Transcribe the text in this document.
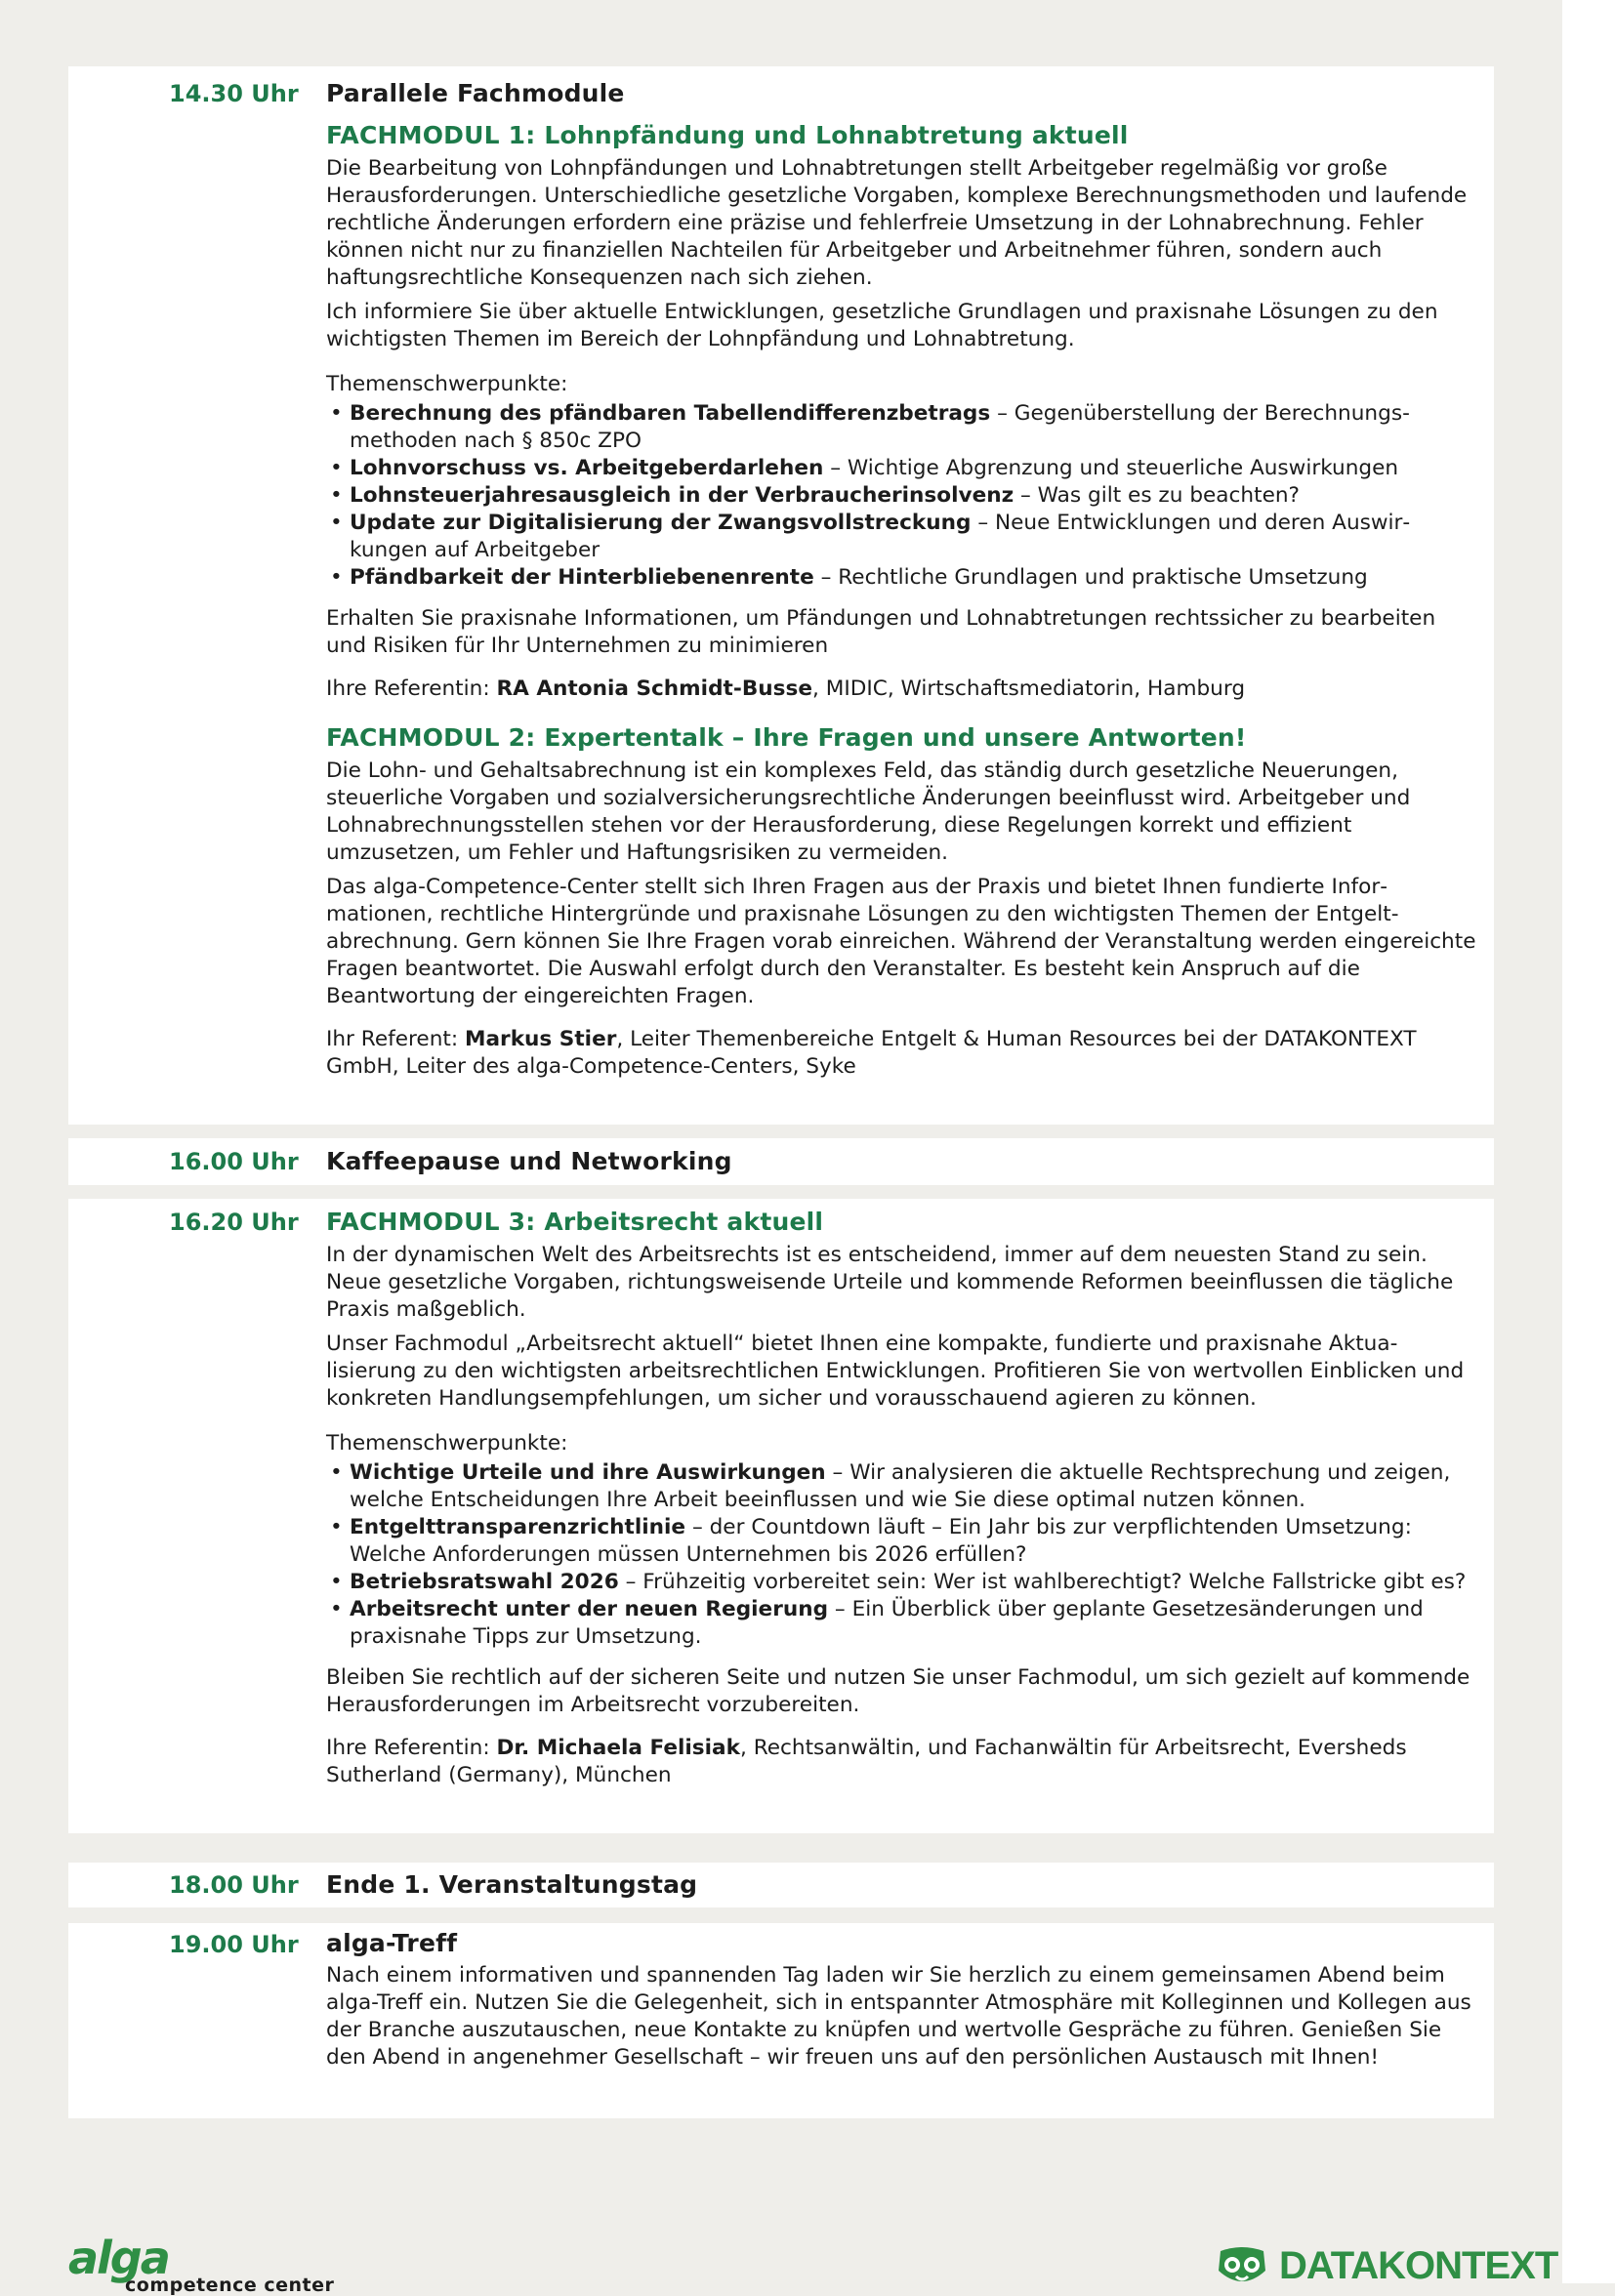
14.30 Uhr Parallele Fachmodule
FACHMODUL 1: Lohnpfändung und Lohnabtretung aktuell

Die Bearbeitung von Lohnpfändungen und Lohnabtretungen stellt Arbeitgeber regelmäßig vor große Herausforderungen. Unterschiedliche gesetzliche Vorgaben, komplexe Berechnungsmethoden und laufende rechtliche Änderungen erfordern eine präzise und fehlerfreie Umsetzung in der Lohnabrechnung. Fehler können nicht nur zu finanziellen Nachteilen für Arbeitgeber und Arbeitnehmer führen, sondern auch haftungsrechtliche Konsequenzen nach sich ziehen.

Ich informiere Sie über aktuelle Entwicklungen, gesetzliche Grundlagen und praxisnahe Lösungen zu den wichtigsten Themen im Bereich der Lohnpfändung und Lohnabtretung.

Themenschwerpunkte:
• Berechnung des pfändbaren Tabellendifferenzbetrags – Gegenüberstellung der Berechnungsmethoden nach § 850c ZPO
• Lohnvorschuss vs. Arbeitgeberdarlehen – Wichtige Abgrenzung und steuerliche Auswirkungen
• Lohnsteuerjahresausgleich in der Verbraucherinsolvenz – Was gilt es zu beachten?
• Update zur Digitalisierung der Zwangsvollstreckung – Neue Entwicklungen und deren Auswirkungen auf Arbeitgeber
• Pfändbarkeit der Hinterbliebenenrente – Rechtliche Grundlagen und praktische Umsetzung

Erhalten Sie praxisnahe Informationen, um Pfändungen und Lohnabtretungen rechtssicher zu bearbeiten und Risiken für Ihr Unternehmen zu minimieren

Ihre Referentin: RA Antonia Schmidt-Busse, MIDIC, Wirtschaftsmediatorin, Hamburg

FACHMODUL 2: Expertentalk – Ihre Fragen und unsere Antworten!

Die Lohn- und Gehaltsabrechnung ist ein komplexes Feld, das ständig durch gesetzliche Neuerungen, steuerliche Vorgaben und sozialversicherungsrechtliche Änderungen beeinflusst wird. Arbeitgeber und Lohnabrechnungsstellen stehen vor der Herausforderung, diese Regelungen korrekt und effizient umzusetzen, um Fehler und Haftungsrisiken zu vermeiden.

Das alga-Competence-Center stellt sich Ihren Fragen aus der Praxis und bietet Ihnen fundierte Informationen, rechtliche Hintergründe und praxisnahe Lösungen zu den wichtigsten Themen der Entgeltabrechnung. Gern können Sie Ihre Fragen vorab einreichen. Während der Veranstaltung werden eingereichte Fragen beantwortet. Die Auswahl erfolgt durch den Veranstalter. Es besteht kein Anspruch auf die Beantwortung der eingereichten Fragen.

Ihr Referent: Markus Stier, Leiter Themenbereiche Entgelt & Human Resources bei der DATAKONTEXT GmbH, Leiter des alga-Competence-Centers, Syke

16.00 Uhr Kaffeepause und Networking
16.20 Uhr FACHMODUL 3: Arbeitsrecht aktuell

In der dynamischen Welt des Arbeitsrechts ist es entscheidend, immer auf dem neuesten Stand zu sein. Neue gesetzliche Vorgaben, richtungsweisende Urteile und kommende Reformen beeinflussen die tägliche Praxis maßgeblich.

Unser Fachmodul „Arbeitsrecht aktuell“ bietet Ihnen eine kompakte, fundierte und praxisnahe Aktualisierung zu den wichtigsten arbeitsrechtlichen Entwicklungen. Profitieren Sie von wertvollen Einblicken und konkreten Handlungsempfehlungen, um sicher und vorausschauend agieren zu können.

Themenschwerpunkte:
• Wichtige Urteile und ihre Auswirkungen – Wir analysieren die aktuelle Rechtsprechung und zeigen, welche Entscheidungen Ihre Arbeit beeinflussen und wie Sie diese optimal nutzen können.
• Entgelttransparenzrichtlinie – der Countdown läuft – Ein Jahr bis zur verpflichtenden Umsetzung: Welche Anforderungen müssen Unternehmen bis 2026 erfüllen?
• Betriebsratswahl 2026 – Frühzeitig vorbereitet sein: Wer ist wahlberechtigt? Welche Fallstricke gibt es?
• Arbeitsrecht unter der neuen Regierung – Ein Überblick über geplante Gesetzesänderungen und praxisnahe Tipps zur Umsetzung.

Bleiben Sie rechtlich auf der sicheren Seite und nutzen Sie unser Fachmodul, um sich gezielt auf kommende Herausforderungen im Arbeitsrecht vorzubereiten.

Ihre Referentin: Dr. Michaela Felisiak, Rechtsanwältin, und Fachanwältin für Arbeitsrecht, Eversheds Sutherland (Germany), München

18.00 Uhr Ende 1. Veranstaltungstag
19.00 Uhr alga-Treff

Nach einem informativen und spannenden Tag laden wir Sie herzlich zu einem gemeinsamen Abend beim alga-Treff ein. Nutzen Sie die Gelegenheit, sich in entspannter Atmosphäre mit Kolleginnen und Kollegen aus der Branche auszutauschen, neue Kontakte zu knüpfen und wertvolle Gespräche zu führen. Genießen Sie den Abend in angenehmer Gesellschaft – wir freuen uns auf den persönlichen Austausch mit Ihnen!

alga
competence center	DATAKONTEXT
